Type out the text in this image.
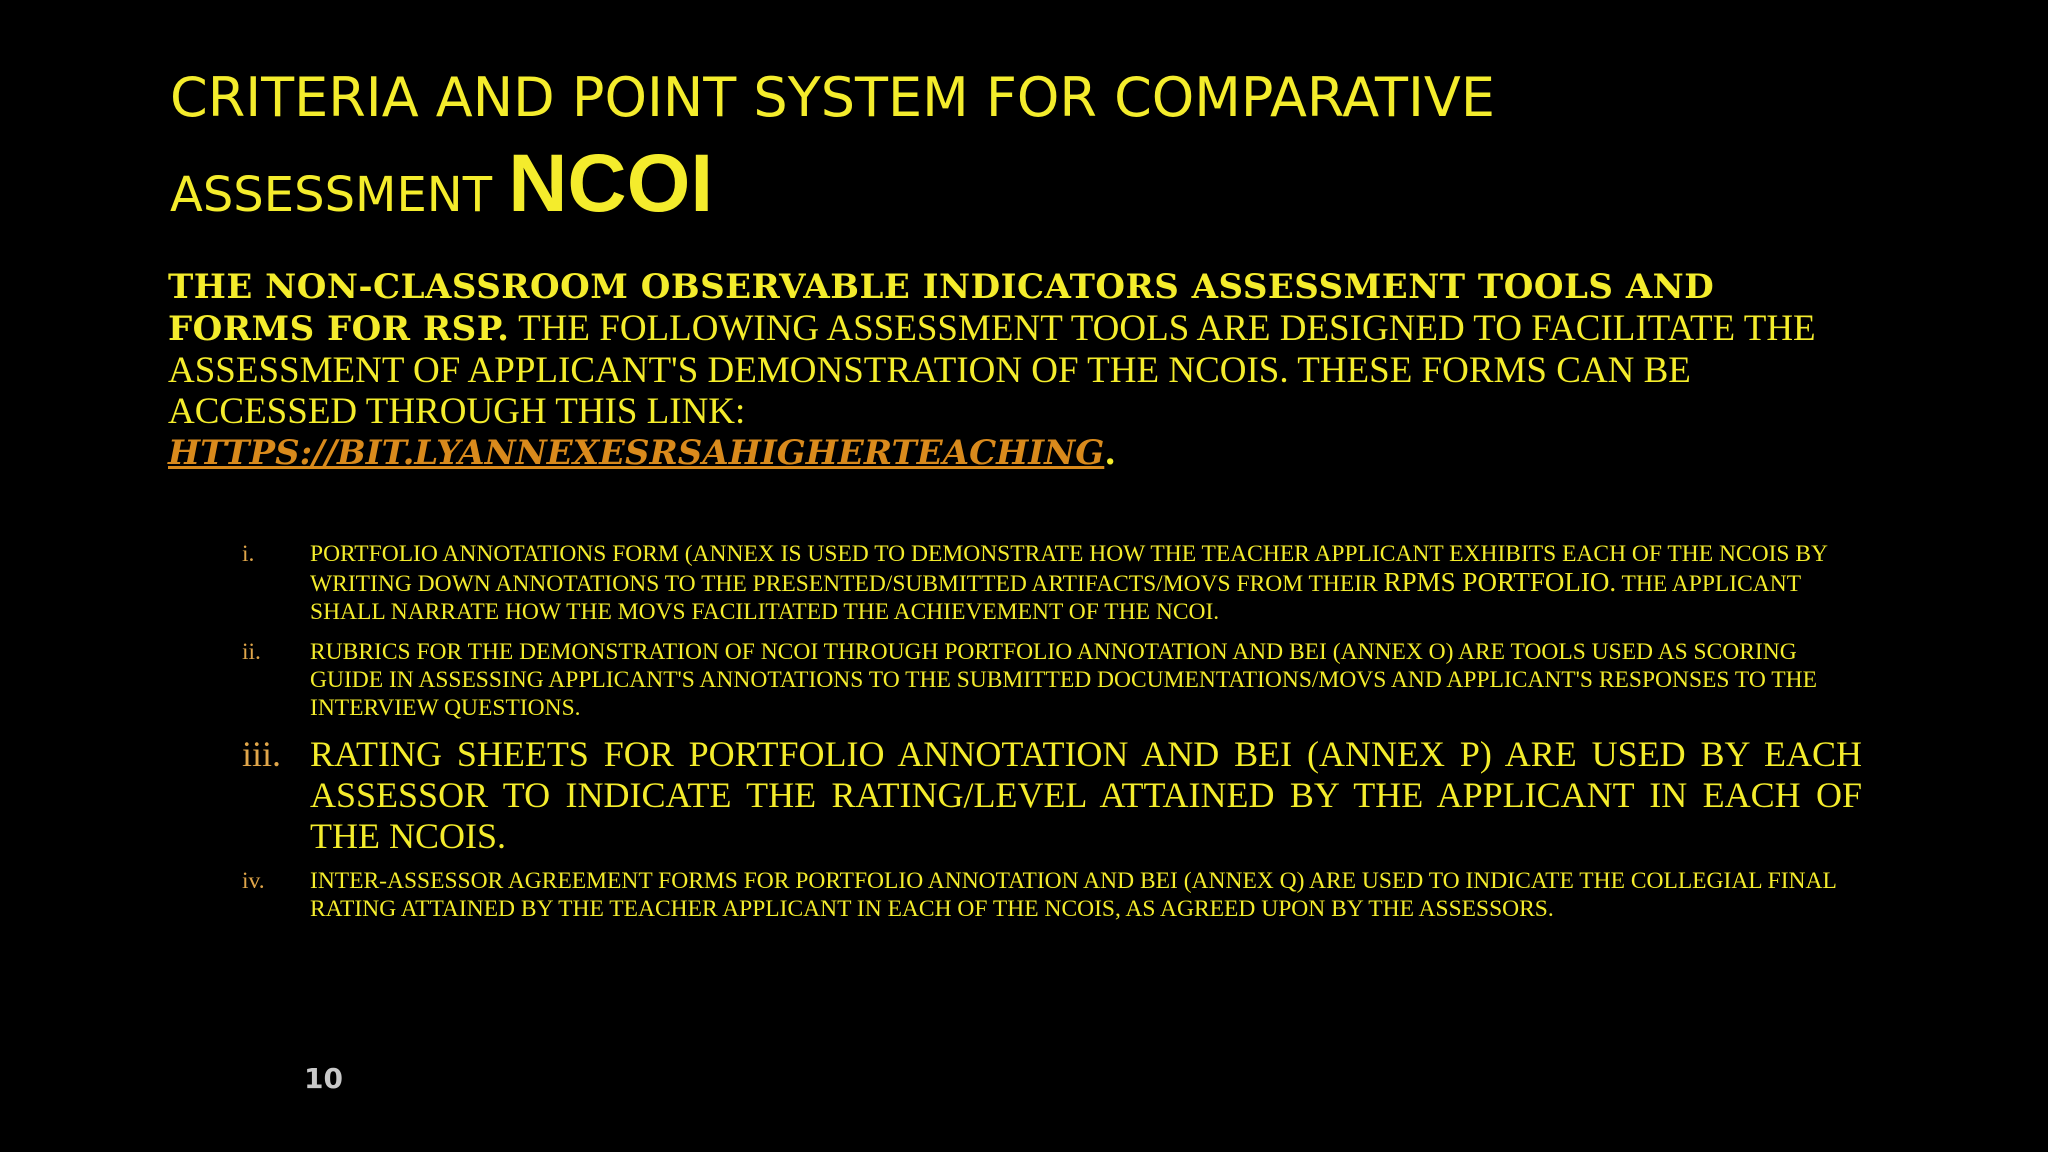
CRITERIA AND POINT SYSTEM FOR COMPARATIVE
ASSESSMENT NCOI
THE NON-CLASSROOM OBSERVABLE INDICATORS ASSESSMENT TOOLS AND FORMS FOR RSP. THE FOLLOWING ASSESSMENT TOOLS ARE DESIGNED TO FACILITATE THE ASSESSMENT OF APPLICANT'S DEMONSTRATION OF THE NCOIS. THESE FORMS CAN BE ACCESSED THROUGH THIS LINK:
HTTPS://BIT.LYANNEXESRSAHIGHERTEACHING.
i. PORTFOLIO ANNOTATIONS FORM (ANNEX IS USED TO DEMONSTRATE HOW THE TEACHER APPLICANT EXHIBITS EACH OF THE NCOIS BY WRITING DOWN ANNOTATIONS TO THE PRESENTED/SUBMITTED ARTIFACTS/MOVS FROM THEIR RPMS PORTFOLIO. THE APPLICANT SHALL NARRATE HOW THE MOVS FACILITATED THE ACHIEVEMENT OF THE NCOI.
ii. RUBRICS FOR THE DEMONSTRATION OF NCOI THROUGH PORTFOLIO ANNOTATION AND BEI (ANNEX O) ARE TOOLS USED AS SCORING GUIDE IN ASSESSING APPLICANT'S ANNOTATIONS TO THE SUBMITTED DOCUMENTATIONS/MOVS AND APPLICANT'S RESPONSES TO THE INTERVIEW QUESTIONS.
iii. RATING SHEETS FOR PORTFOLIO ANNOTATION AND BEI (ANNEX P) ARE USED BY EACH ASSESSOR TO INDICATE THE RATING/LEVEL ATTAINED BY THE APPLICANT IN EACH OF THE NCOIS.
iv. INTER-ASSESSOR AGREEMENT FORMS FOR PORTFOLIO ANNOTATION AND BEI (ANNEX Q) ARE USED TO INDICATE THE COLLEGIAL FINAL RATING ATTAINED BY THE TEACHER APPLICANT IN EACH OF THE NCOIS, AS AGREED UPON BY THE ASSESSORS.
10
